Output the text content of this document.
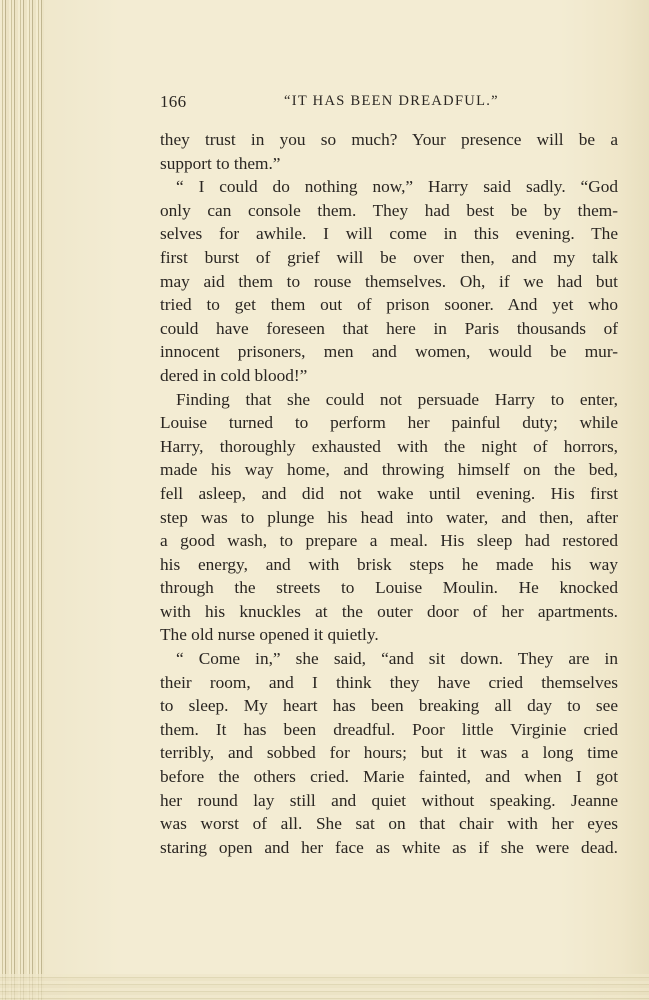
166	“IT HAS BEEN DREADFUL.”
they trust in you so much? Your presence will be a
support to them.”
“ I could do nothing now,” Harry said sadly. “God
only can console them. They had best be by them-
selves for awhile. I will come in this evening. The
first burst of grief will be over then, and my talk
may aid them to rouse themselves. Oh, if we had but
tried to get them out of prison sooner. And yet who
could have foreseen that here in Paris thousands of
innocent prisoners, men and women, would be mur-
dered in cold blood!”
Finding that she could not persuade Harry to enter,
Louise turned to perform her painful duty; while
Harry, thoroughly exhausted with the night of horrors,
made his way home, and throwing himself on the bed,
fell asleep, and did not wake until evening. His first
step was to plunge his head into water, and then, after
a good wash, to prepare a meal. His sleep had restored
his energy, and with brisk steps he made his way
through the streets to Louise Moulin. He knocked
with his knuckles at the outer door of her apartments.
The old nurse opened it quietly.
“ Come in,” she said, “and sit down. They are in
their room, and I think they have cried themselves
to sleep. My heart has been breaking all day to see
them. It has been dreadful. Poor little Virginie cried
terribly, and sobbed for hours; but it was a long time
before the others cried. Marie fainted, and when I got
her round lay still and quiet without speaking. Jeanne
was worst of all. She sat on that chair with her eyes
staring open and her face as white as if she were dead.
